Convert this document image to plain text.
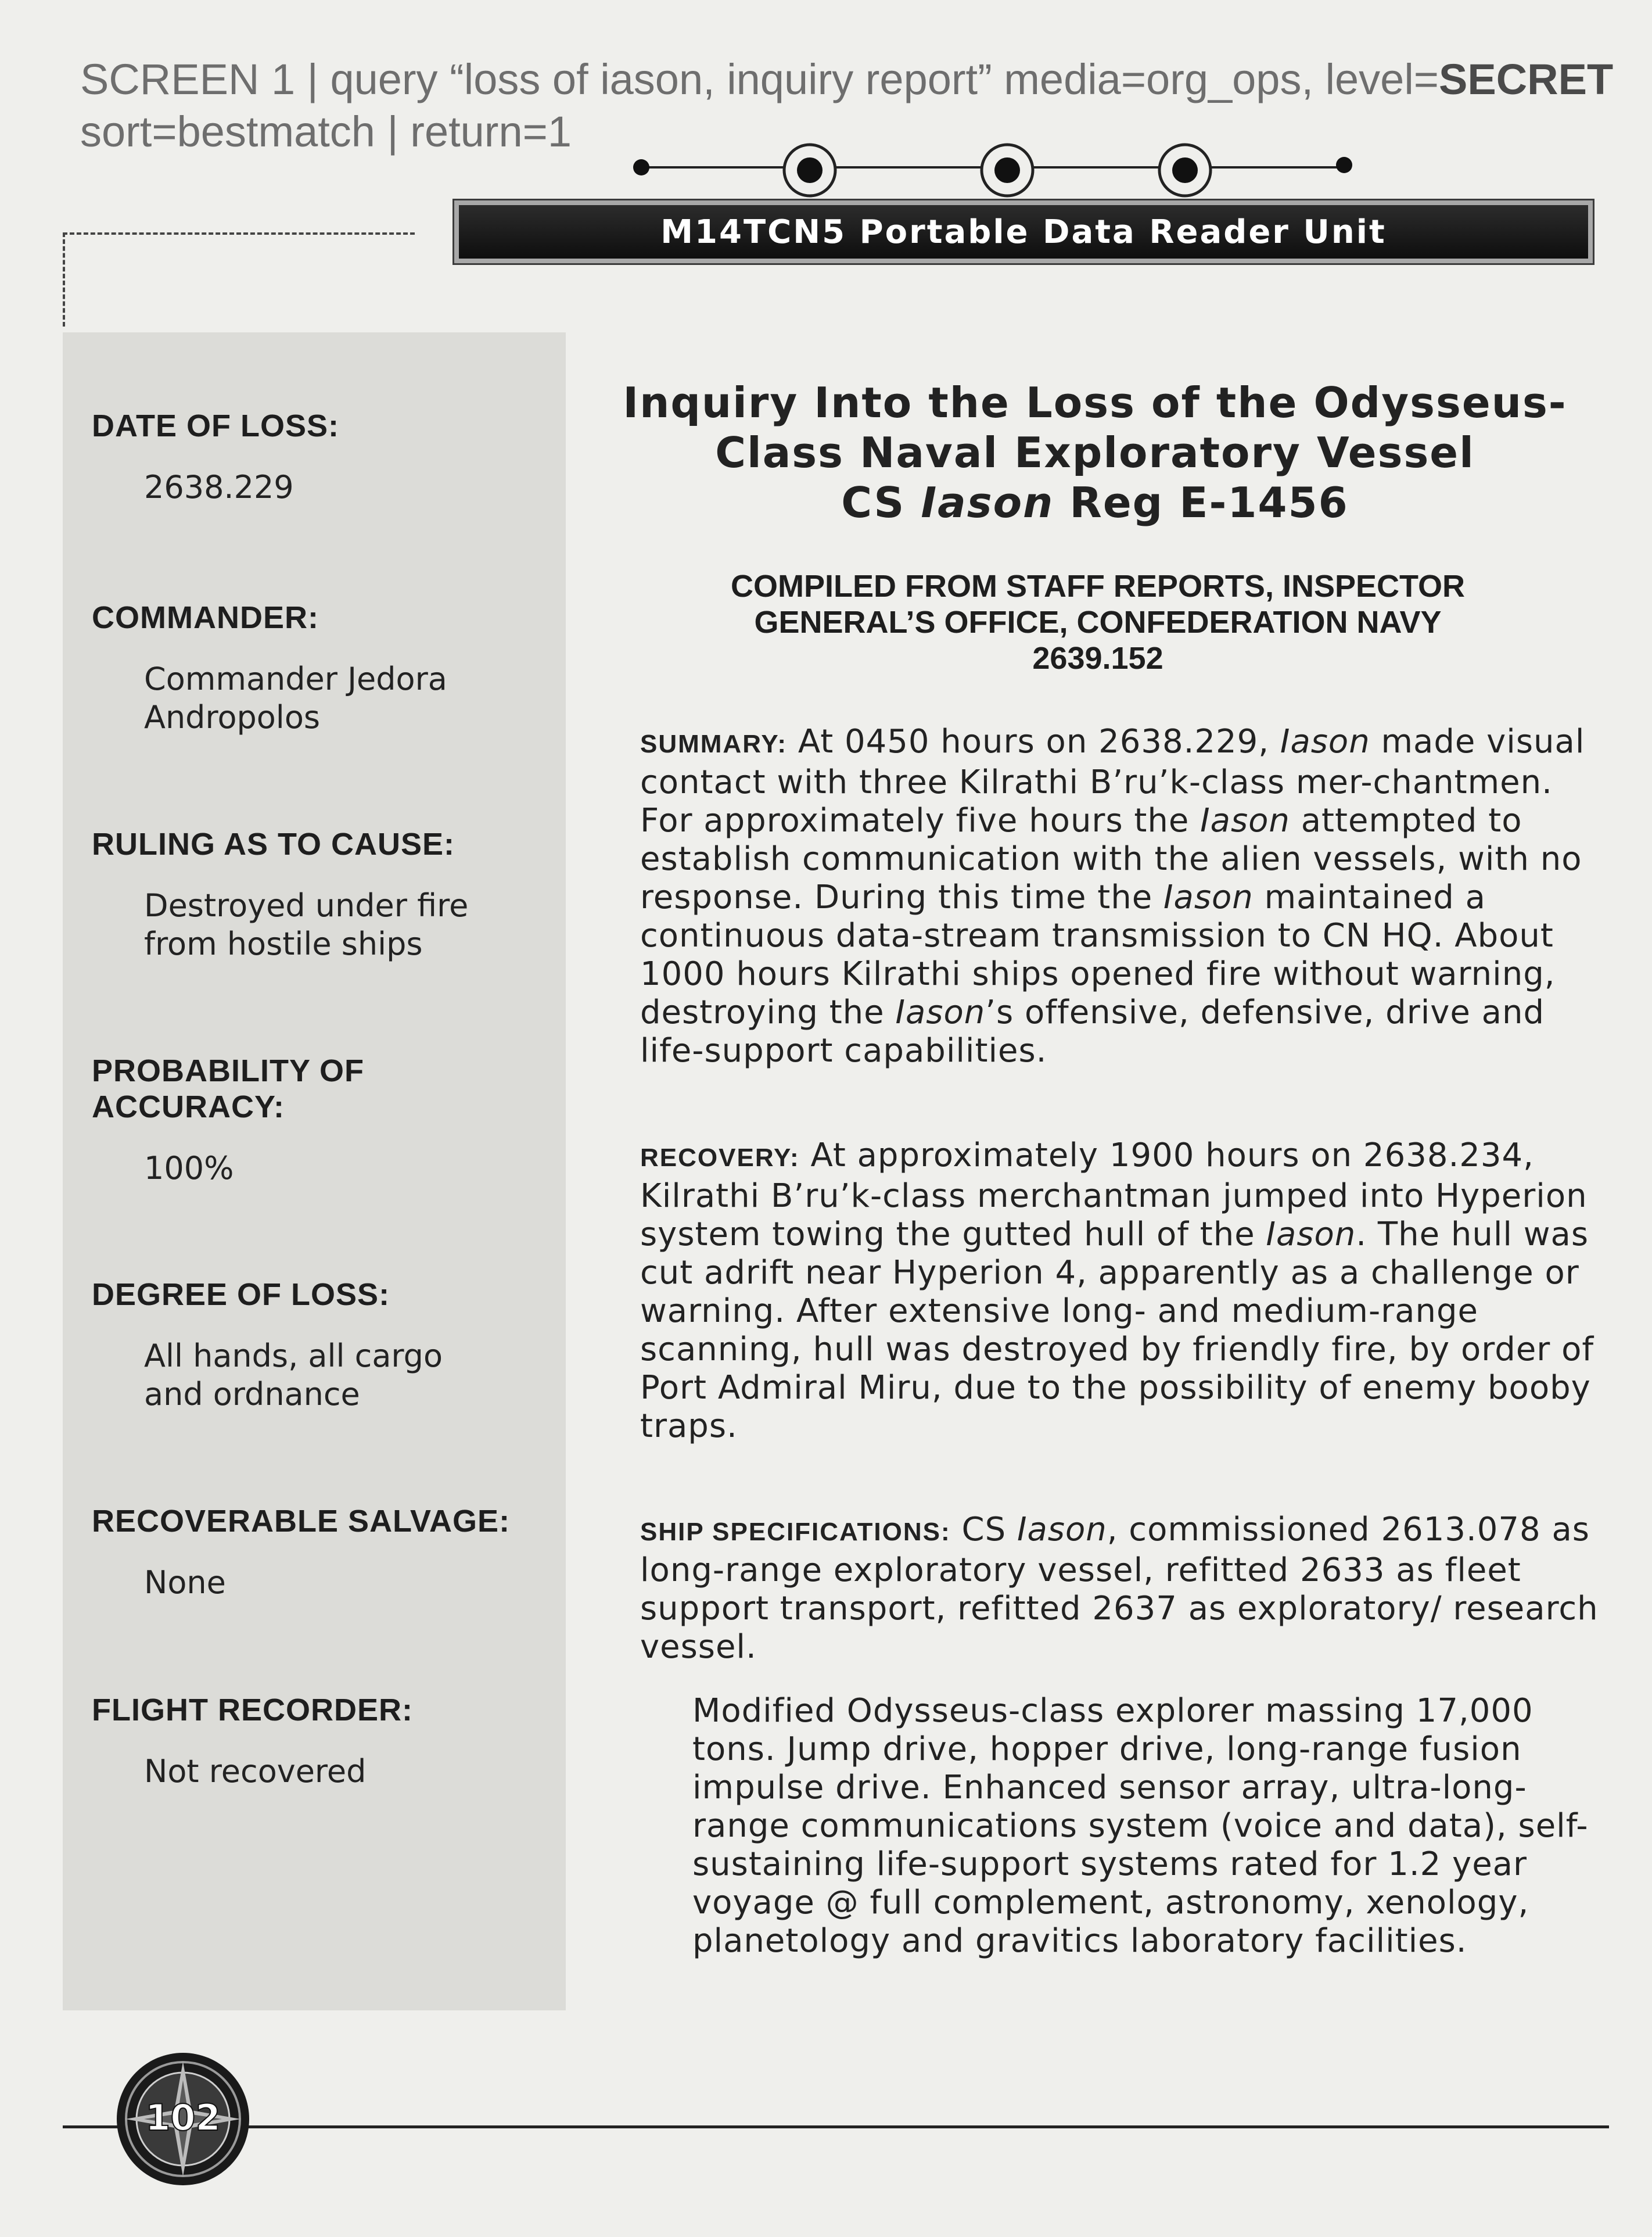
SCREEN 1 | query “loss of iason, inquiry report” media=org_ops, level=SECRET
sort=bestmatch | return=1
M14TCN5 Portable Data Reader Unit
DATE OF LOSS:
2638.229
COMMANDER:
Commander Jedora
Andropolos
RULING AS TO CAUSE:
Destroyed under fire
from hostile ships
PROBABILITY OF
ACCURACY:
100%
DEGREE OF LOSS:
All hands, all cargo
and ordnance
RECOVERABLE SALVAGE:
None
FLIGHT RECORDER:
Not recovered
Inquiry Into the Loss of the Odysseus-
Class Naval Exploratory Vessel
CS Iason Reg E-1456
COMPILED FROM STAFF REPORTS, INSPECTOR
GENERAL’S OFFICE, CONFEDERATION NAVY
2639.152
SUMMARY: At 0450 hours on 2638.229, Iason made visual contact with three Kilrathi B’ru’k-class mer-chantmen. For approximately five hours the Iason attempted to establish communication with the alien vessels, with no response. During this time the Iason maintained a continuous data-stream transmission to CN HQ. About 1000 hours Kilrathi ships opened fire without warning, destroying the Iason’s offensive, defensive, drive and life-support capabilities.
RECOVERY: At approximately 1900 hours on 2638.234, Kilrathi B’ru’k-class merchantman jumped into Hyperion system towing the gutted hull of the Iason. The hull was cut adrift near Hyperion 4, apparently as a challenge or warning. After extensive long- and medium-range scanning, hull was destroyed by friendly fire, by order of Port Admiral Miru, due to the possibility of enemy booby traps.
SHIP SPECIFICATIONS: CS Iason, commissioned 2613.078 as long-range exploratory vessel, refitted 2633 as fleet support transport, refitted 2637 as exploratory/ research vessel.
Modified Odysseus-class explorer massing 17,000 tons. Jump drive, hopper drive, long-range fusion impulse drive. Enhanced sensor array, ultra-long-range communications system (voice and data), self-sustaining life-support systems rated for 1.2 year voyage @ full complement, astronomy, xenology, planetology and gravitics laboratory facilities.
102
